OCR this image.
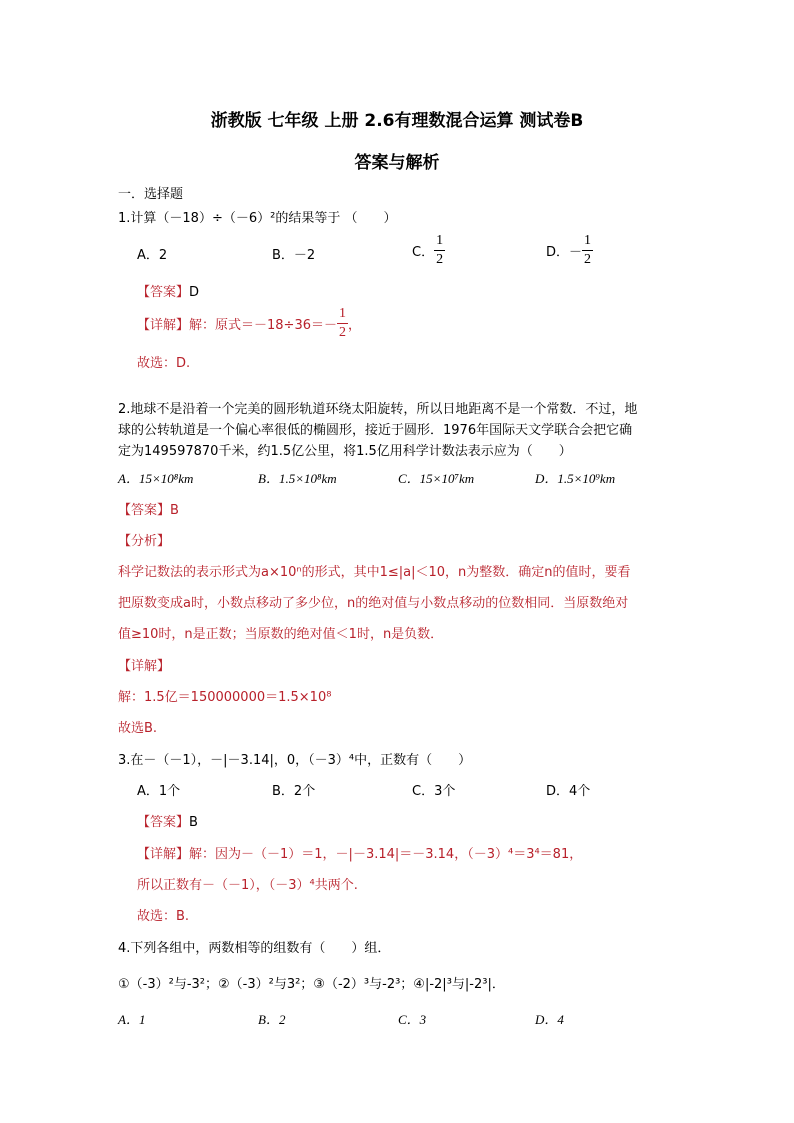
浙教版 七年级 上册 2.6有理数混合运算 测试卷B
答案与解析
一．选择题
1.计算（－18）÷（－6）²的结果等于 （　　）
A．2	B．－2	C． $\frac{1}{2}$	D．－ $\frac{1}{2}$
【答案】D
【详解】解：原式$=-18\div 36=- \frac{1}{2}$ ，
故选：D.
2.地球不是沿着一个完美的圆形轨道环绕太阳旋转，所以日地距离不是一个常数．不过，地
球的公转轨道是一个偏心率很低的椭圆形，接近于圆形．1976年国际天文学联合会把它确
定为149597870千米，约1.5亿公里，将1.5亿用科学计数法表示应为（　　）
A．15×10⁸km	B．1.5×10⁸km	C．15×10⁷km	D．1.5×10⁹km
【答案】B
【分析】
科学记数法的表示形式为a×10ⁿ的形式，其中1≤|a|＜10，n为整数．确定n的值时，要看
把原数变成a时，小数点移动了多少位，n的绝对值与小数点移动的位数相同．当原数绝对
值≥10时，n是正数；当原数的绝对值＜1时，n是负数．
【详解】
解：1.5亿＝150000000＝1.5×10⁸
故选B.
3.在－（－1），－|－3.14|，0，（－3）⁴中，正数有（　　）
A．1个	B．2个	C．3个	D．4个
【答案】B
【详解】解：因为－（－1）＝1，－|－3.14|＝－3.14，（－3）⁴＝3⁴＝81，
所以正数有－（－1），（－3）⁴共两个.
故选：B.
4.下列各组中，两数相等的组数有（　　）组．
①（-3）²与-3²；②（-3）²与3²；③（-2）³与-2³；④|-2|³与|-2³|．
A．1	B．2	C．3	D．4
